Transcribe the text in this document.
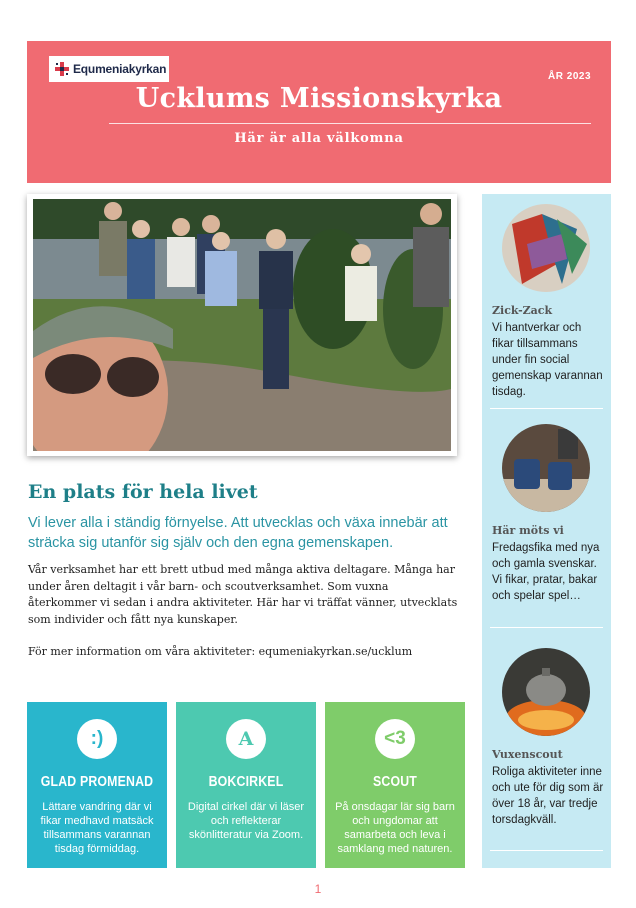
Equmeniakyrkan
ÅR 2023
Ucklums Missionskyrka
Här är alla välkomna
En plats för hela livet

Vi lever alla i ständig förnyelse. Att utvecklas och växa innebär att sträcka sig utanför sig själv och den egna gemenskapen.

Vår verksamhet har ett brett utbud med många aktiva deltagare. Många har under åren deltagit i vår barn- och scoutverksamhet. Som vuxna återkommer vi sedan i andra aktiviteter. Här har vi träffat vänner, utvecklats som individer och fått nya kunskaper.

För mer information om våra aktiviteter: equmeniakyrkan.se/ucklum

:)
GLAD PROMENAD
Lättare vandring där vi fikar medhavd matsäck tillsammans varannan tisdag förmiddag.
A
BOKCIRKEL
Digital cirkel där vi läser och reflekterar skönlitteratur via Zoom.
<3
SCOUT
På onsdagar lär sig barn och ungdomar att samarbeta och leva i samklang med naturen.
Zick-Zack
Vi hantverkar och fikar tillsammans under fin social gemenskap varannan tisdag.
Här möts vi
Fredagsfika med nya och gamla svenskar. Vi fikar, pratar, bakar och spelar spel…
Vuxenscout
Roliga aktiviteter inne och ute för dig som är över 18 år, var tredje torsdagkväll.
1
